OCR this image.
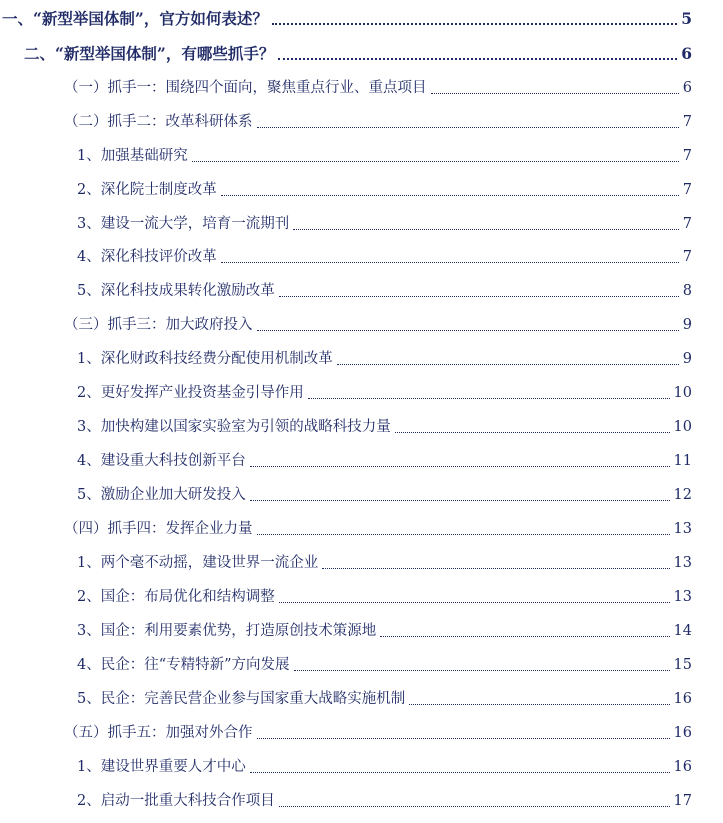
一、“新型举国体制”，官方如何表述？	5
二、“新型举国体制”，有哪些抓手？	6
（一）抓手一：围绕四个面向，聚焦重点行业、重点项目	6
（二）抓手二：改革科研体系	7
1、加强基础研究	7
2、深化院士制度改革	7
3、建设一流大学，培育一流期刊	7
4、深化科技评价改革	7
5、深化科技成果转化激励改革	8
（三）抓手三：加大政府投入	9
1、深化财政科技经费分配使用机制改革	9
2、更好发挥产业投资基金引导作用	10
3、加快构建以国家实验室为引领的战略科技力量	10
4、建设重大科技创新平台	11
5、激励企业加大研发投入	12
（四）抓手四：发挥企业力量	13
1、两个毫不动摇，建设世界一流企业	13
2、国企：布局优化和结构调整	13
3、国企：利用要素优势，打造原创技术策源地	14
4、民企：往“专精特新”方向发展	15
5、民企：完善民营企业参与国家重大战略实施机制	16
（五）抓手五：加强对外合作	16
1、建设世界重要人才中心	16
2、启动一批重大科技合作项目	17
